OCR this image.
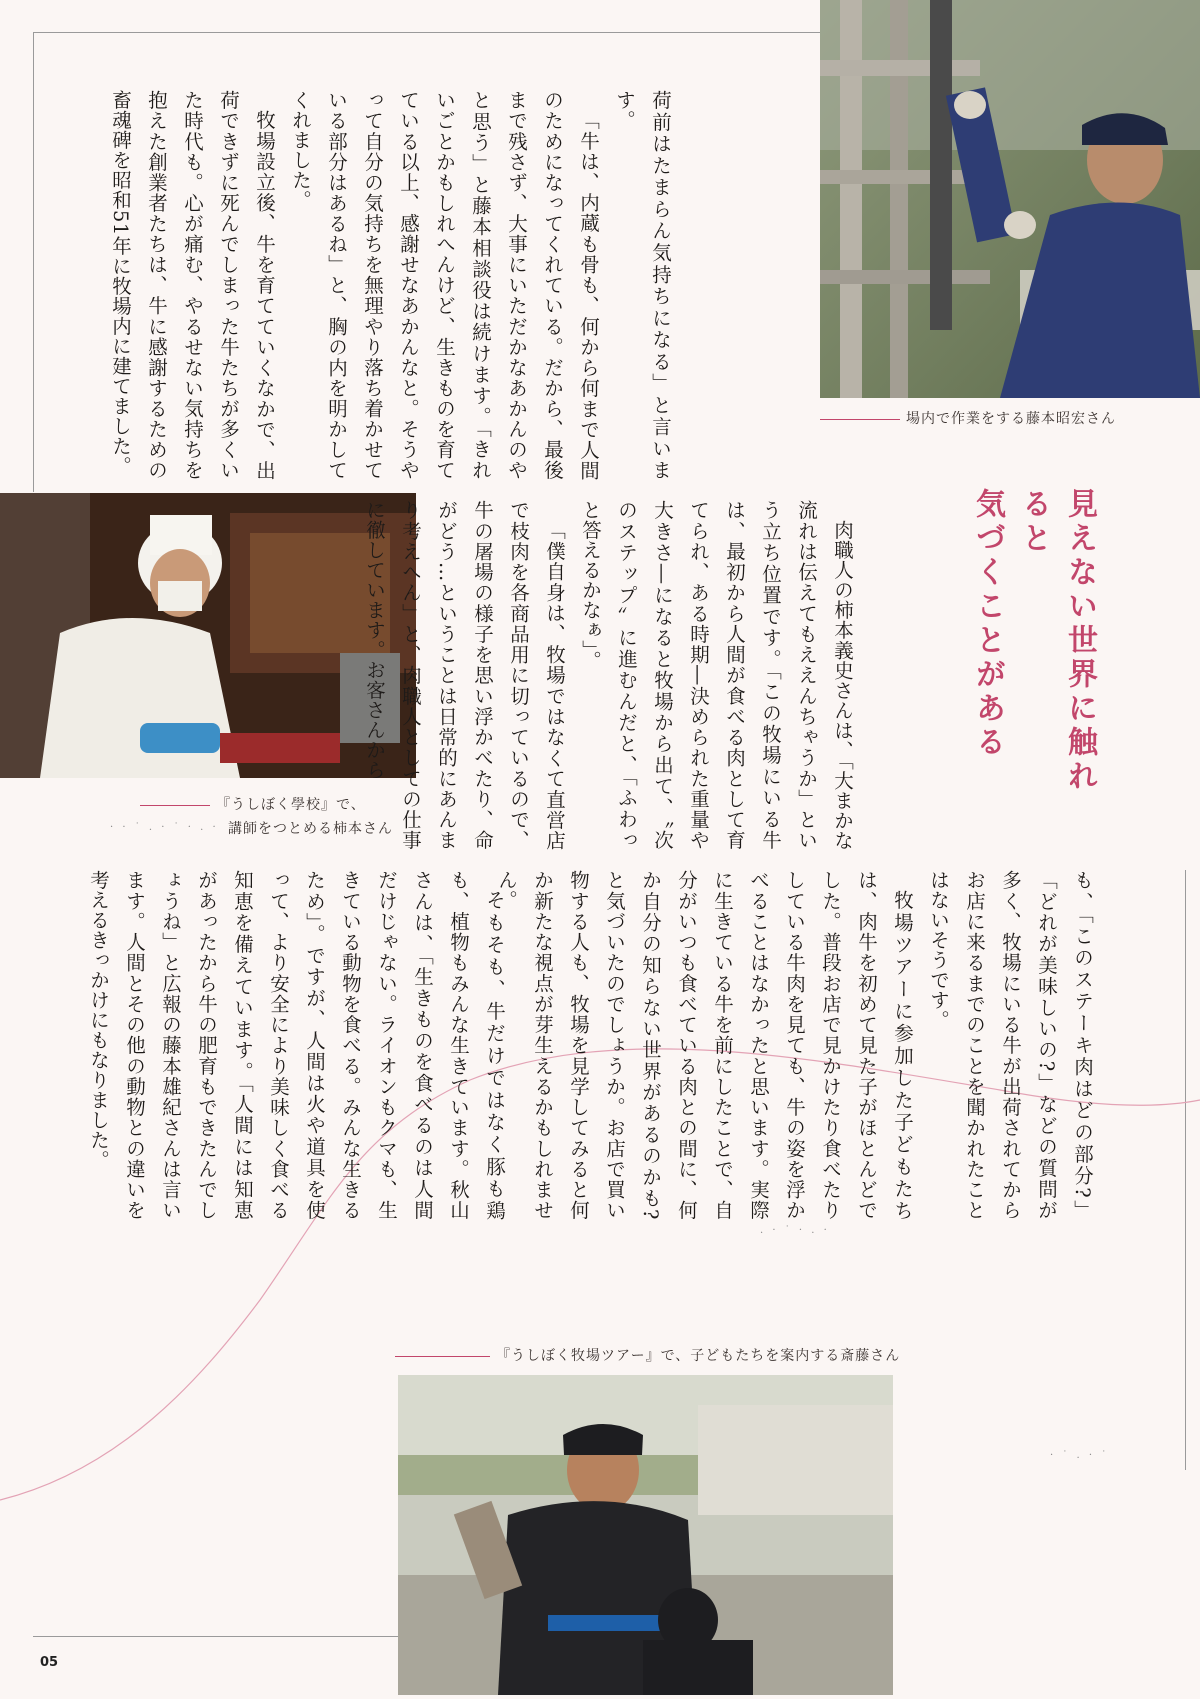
場内で作業をする藤本昭宏さん
『うしぼく學校』で、
講師をつとめる柿本さん

荷前はたまらん気持ちになる」と言います。

「牛は、内蔵も骨も、何から何まで人間のためになってくれている。だから、最後まで残さず、大事にいただかなあかんのやと思う」と藤本相談役は続けます。「きれいごとかもしれへんけど、生きものを育てている以上、感謝せなあかんなと。そうやって自分の気持ちを無理やり落ち着かせている部分はあるね」と、胸の内を明かしてくれました。

牧場設立後、牛を育てていくなかで、出荷できずに死んでしまった牛たちが多くいた時代も。心が痛む、やるせない気持ちを抱えた創業者たちは、牛に感謝するための畜魂碑を昭和51年に牧場内に建てました。

見えない世界に触れると
気づくことがある

肉職人の柿本義史さんは、「大まかな流れは伝えてもええんちゃうか」という立ち位置です。「この牧場にいる牛は、最初から人間が食べる肉として育てられ、ある時期―決められた重量や大きさ―になると牧場から出て、〝次のステップ〟に進むんだと、「ふわっと答えるかなぁ」。

「僕自身は、牧場ではなくて直営店で枝肉を各商品用に切っているので、牛の屠場の様子を思い浮かべたり、命がどう…ということは日常的にあんまり考えへん」と、肉職人としての仕事に徹しています。お客さんから

も、「このステーキ肉はどの部分?」「どれが美味しいの?」などの質問が多く、牧場にいる牛が出荷されてからお店に来るまでのことを聞かれたことはないそうです。

牧場ツアーに参加した子どもたちは、肉牛を初めて見た子がほとんどでした。普段お店で見かけたり食べたりしている牛肉を見ても、牛の姿を浮かべることはなかったと思います。実際に生きている牛を前にしたことで、自分がいつも食べている肉との間に、何か自分の知らない世界があるのかも?と気づいたのでしょうか。お店で買い物する人も、牧場を見学してみると何か新たな視点が芽生えるかもしれません。

そもそも、牛だけではなく豚も鶏も、植物もみんな生きています。秋山さんは、「生きものを食べるのは人間だけじゃない。ライオンもクマも、生きている動物を食べる。みんな生きるため」。ですが、人間は火や道具を使って、より安全により美味しく食べる知恵を備えています。「人間には知恵があったから牛の肥育もできたんでしょうね」と広報の藤本雄紀さんは言います。人間とその他の動物との違いを考えるきっかけにもなりました。

『うしぼく牧場ツアー』で、子どもたちを案内する斎藤さん
· · ˙ . · ˙ · . ·
. · ˙ · . ·
· ˙ . · ˙
05
